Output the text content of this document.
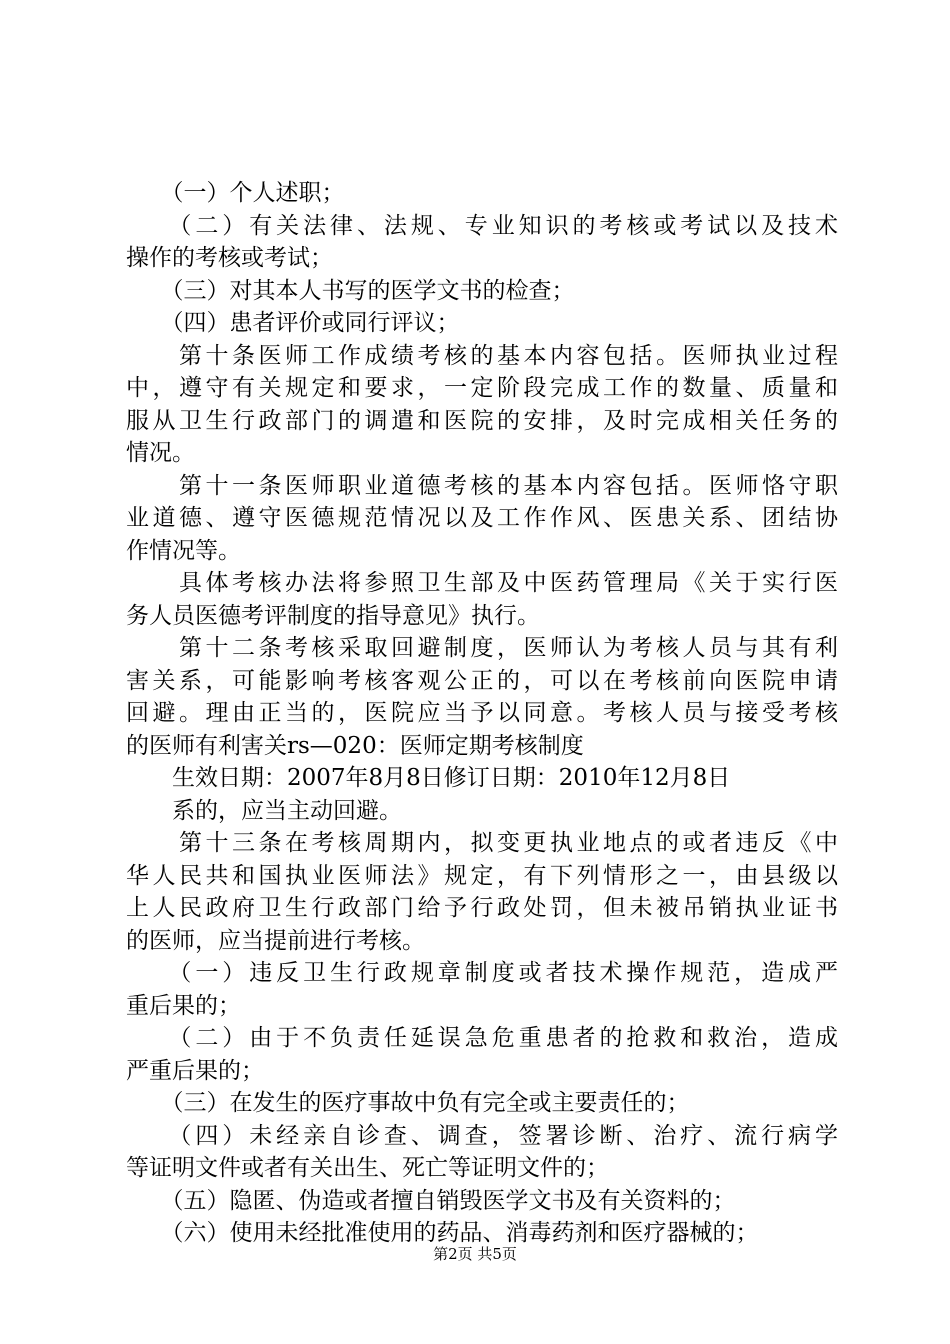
　　（一）个人述职；
　　（二）有关法律、法规、专业知识的考核或考试以及技术
操作的考核或考试；
　　（三）对其本人书写的医学文书的检查；
　　（四）患者评价或同行评议；
　　第十条医师工作成绩考核的基本内容包括。医师执业过程
中，遵守有关规定和要求，一定阶段完成工作的数量、质量和
服从卫生行政部门的调遣和医院的安排，及时完成相关任务的
情况。
　　第十一条医师职业道德考核的基本内容包括。医师恪守职
业道德、遵守医德规范情况以及工作作风、医患关系、团结协
作情况等。
　　具体考核办法将参照卫生部及中医药管理局《关于实行医
务人员医德考评制度的指导意见》执行。
　　第十二条考核采取回避制度，医师认为考核人员与其有利
害关系，可能影响考核客观公正的，可以在考核前向医院申请
回避。理由正当的，医院应当予以同意。考核人员与接受考核
的医师有利害关rs—020：医师定期考核制度
　　生效日期：2007年8月8日修订日期：2010年12月8日
　　系的，应当主动回避。
　　第十三条在考核周期内，拟变更执业地点的或者违反《中
华人民共和国执业医师法》规定，有下列情形之一，由县级以
上人民政府卫生行政部门给予行政处罚，但未被吊销执业证书
的医师，应当提前进行考核。
　　（一）违反卫生行政规章制度或者技术操作规范，造成严
重后果的；
　　（二）由于不负责任延误急危重患者的抢救和救治，造成
严重后果的；
　　（三）在发生的医疗事故中负有完全或主要责任的；
　　（四）未经亲自诊查、调查，签署诊断、治疗、流行病学
等证明文件或者有关出生、死亡等证明文件的；
　　（五）隐匿、伪造或者擅自销毁医学文书及有关资料的；
　　（六）使用未经批准使用的药品、消毒药剂和医疗器械的；
第2页 共5页
